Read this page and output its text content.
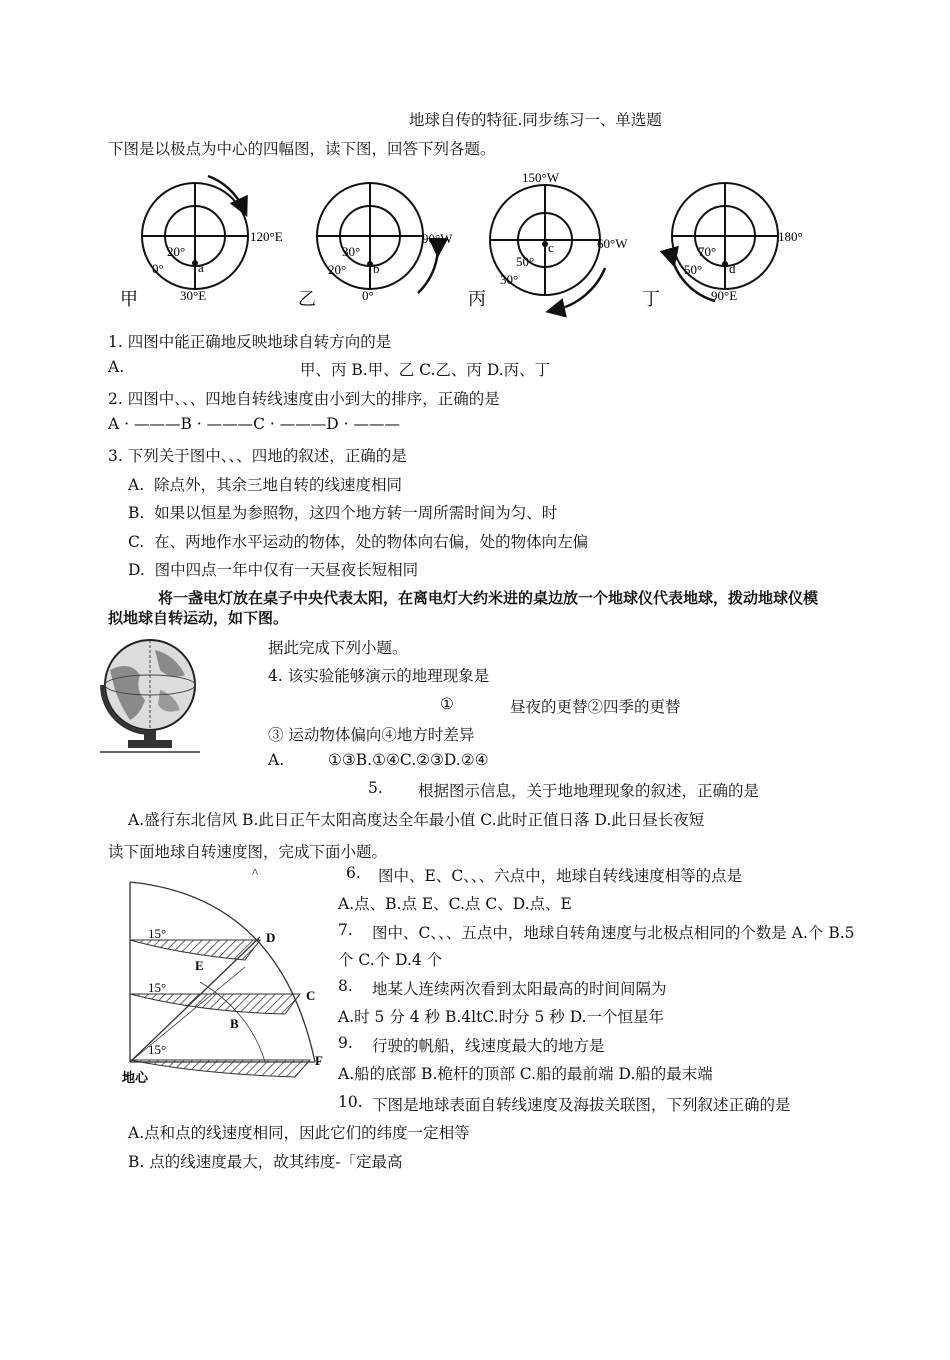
地球自传的特征.同步练习一、单选题
下图是以极点为中心的四幅图，读下图，回答下列各题。
120°E
20°
0°
30°E
a
甲
90°W
30°
20°
0°
b
乙
150°W
60°W
50°
30°
c
丙
180°
70°
50°
90°E
d
丁
1. 四图中能正确地反映地球自转方向的是
A.	甲、丙 B.甲、乙 C.乙、丙 D.丙、丁
2. 四图中、、、四地自转线速度由小到大的排序，正确的是
A · ———B · ———C · ———D · ———
3. 下列关于图中、、、四地的叙述，正确的是
A. 除点外，其余三地自转的线速度相同
B. 如果以恒星为参照物，这四个地方转一周所需时间为匀、时
C. 在、两地作水平运动的物体，处的物体向右偏，处的物体向左偏
D. 图中四点一年中仅有一天昼夜长短相同
将一盏电灯放在桌子中央代表太阳，在离电灯大约米进的桌边放一个地球仪代表地球，拨动地球仪模
拟地球自转运动，如下图。
据此完成下列小题。
4. 该实验能够演示的地理现象是
①	昼夜的更替②四季的更替
③ 运动物体偏向④地方时差异
A.	①③B.①④C.②③D.②④
5. 根据图示信息，关于地地理现象的叙述，正确的是
A.盛行东北信风 B.此日正午太阳高度达全年最小值 C.此时正值日落 D.此日昼长夜短
读下面地球自转速度图，完成下面小题。
^
15°
15°
15°
D
E
C
B
F
地心
6. 图中、E、C、、、六点中，地球自转线速度相等的点是
A.点、B.点 E、C.点 C、D.点、E
7. 图中、C、、、五点中，地球自转角速度与北极点相同的个数是 A.个 B.5
个 C.个 D.4 个
8. 地某人连续两次看到太阳最高的时间间隔为
A.时 5 分 4 秒 B.4ltC.时分 5 秒 D.一个恒星年
9. 行驶的帆船，线速度最大的地方是
A.船的底部 B.桅杆的顶部 C.船的最前端 D.船的最末端
10. 下图是地球表面自转线速度及海拔关联图，下列叙述正确的是
A.点和点的线速度相同，因此它们的纬度一定相等
B. 点的线速度最大，故其纬度-「定最高
